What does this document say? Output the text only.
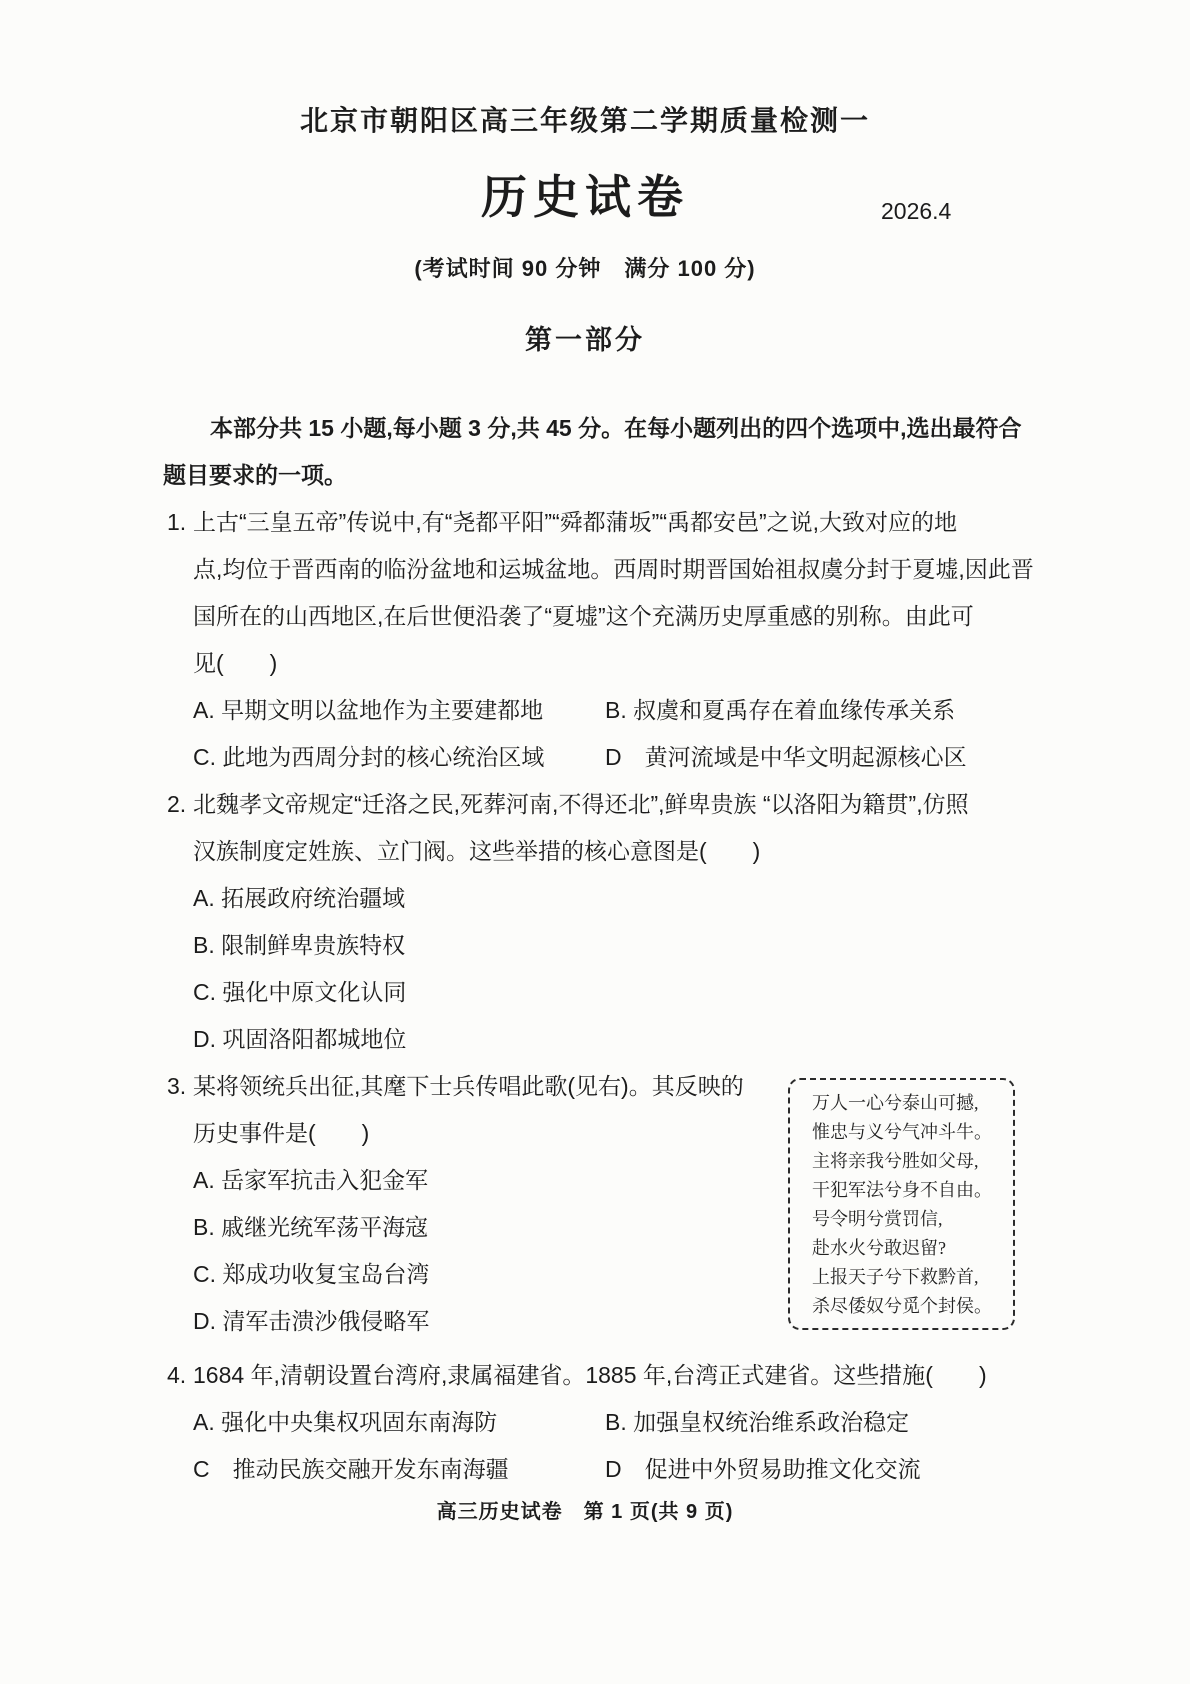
北京市朝阳区高三年级第二学期质量检测一
历史试卷	2026.4
(考试时间 90 分钟　满分 100 分)
第一部分
本部分共 15 小题,每小题 3 分,共 45 分。在每小题列出的四个选项中,选出最符合
题目要求的一项。
1. 上古“三皇五帝”传说中,有“尧都平阳”“舜都蒲坂”“禹都安邑”之说,大致对应的地
点,均位于晋西南的临汾盆地和运城盆地。西周时期晋国始祖叔虞分封于夏墟,因此晋
国所在的山西地区,在后世便沿袭了“夏墟”这个充满历史厚重感的别称。由此可
见(　　)
A. 早期文明以盆地作为主要建都地	B. 叔虞和夏禹存在着血缘传承关系
C. 此地为西周分封的核心统治区域	D　黄河流域是中华文明起源核心区
2. 北魏孝文帝规定“迁洛之民,死葬河南,不得还北”,鲜卑贵族 “以洛阳为籍贯”,仿照
汉族制度定姓族、立门阀。这些举措的核心意图是(　　)
A. 拓展政府统治疆域
B. 限制鲜卑贵族特权
C. 强化中原文化认同
D. 巩固洛阳都城地位
3. 某将领统兵出征,其麾下士兵传唱此歌(见右)。其反映的
历史事件是(　　)
A. 岳家军抗击入犯金军
B. 戚继光统军荡平海寇
C. 郑成功收复宝岛台湾
D. 清军击溃沙俄侵略军
4. 1684 年,清朝设置台湾府,隶属福建省。1885 年,台湾正式建省。这些措施(　　)
A. 强化中央集权巩固东南海防	B. 加强皇权统治维系政治稳定
C　推动民族交融开发东南海疆	D　促进中外贸易助推文化交流
万人一心兮泰山可撼,
惟忠与义兮气冲斗牛。
主将亲我兮胜如父母,
干犯军法兮身不自由。
号令明兮赏罚信,
赴水火兮敢迟留?
上报天子兮下救黔首,
杀尽倭奴兮觅个封侯。
高三历史试卷　第 1 页(共 9 页)
